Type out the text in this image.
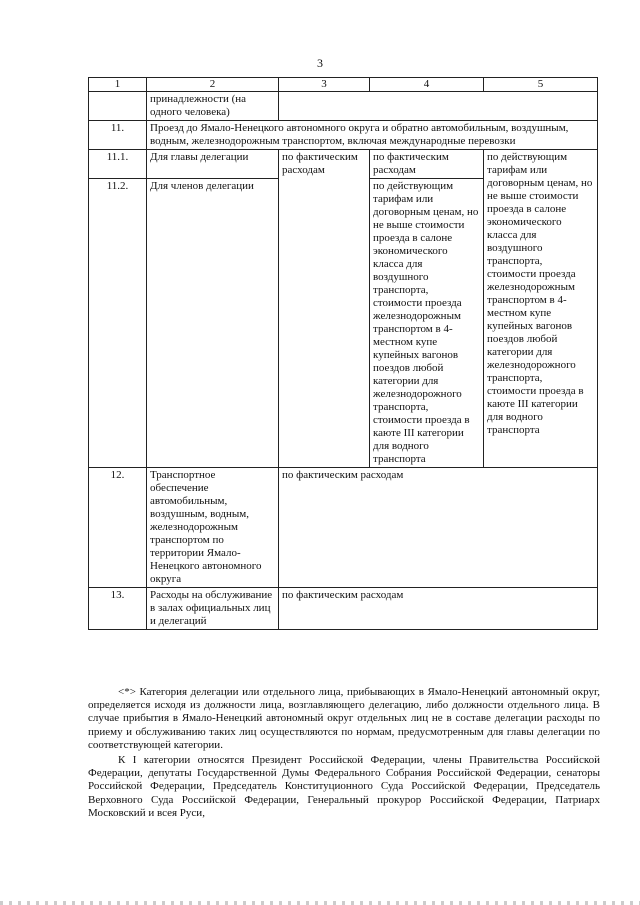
3
1	2	3	4	5
	принадлежности (на одного человека)			
11.	Проезд до Ямало-Ненецкого автономного округа и обратно автомобильным, воздушным, водным, железнодорожным транспортом, включая международные перевозки			
11.1.	Для главы делегации	по фактическим расходам	по фактическим расходам	по действующим тарифам или договорным ценам, но не выше стоимости проезда в салоне экономического класса для воздушного транспорта, стоимости проезда железнодорожным транспортом в 4-местном купе купейных вагонов поездов любой категории для железнодорожного транспорта, стоимости проезда в каюте III категории для водного транспорта
11.2.	Для членов делегации		по действующим тарифам или договорным ценам, но не выше стоимости проезда в салоне экономического класса для воздушного транспорта, стоимости проезда железнодорожным транспортом в 4-местном купе купейных вагонов поездов любой категории для железнодорожного транспорта, стоимости проезда в каюте III категории для водного транспорта	
12.	Транспортное обеспечение автомобильным, воздушным, водным, железнодорожным транспортом по территории Ямало-Ненецкого автономного округа	по фактическим расходам		
13.	Расходы на обслуживание в залах официальных лиц и делегаций	по фактическим расходам		

<*> Категория делегации или отдельного лица, прибывающих в Ямало-Ненецкий автономный округ, определяется исходя из должности лица, возглавляющего делегацию, либо должности отдельного лица. В случае прибытия в Ямало-Ненецкий автономный округ отдельных лиц не в составе делегации расходы по приему и обслуживанию таких лиц осуществляются по нормам, предусмотренным для главы делегации по соответствующей категории.

К I категории относятся Президент Российской Федерации, члены Правительства Российской Федерации, депутаты Государственной Думы Федерального Собрания Российской Федерации, сенаторы Российской Федерации, Председатель Конституционного Суда Российской Федерации, Председатель Верховного Суда Российской Федерации, Генеральный прокурор Российской Федерации, Патриарх Московский и всея Руси,
